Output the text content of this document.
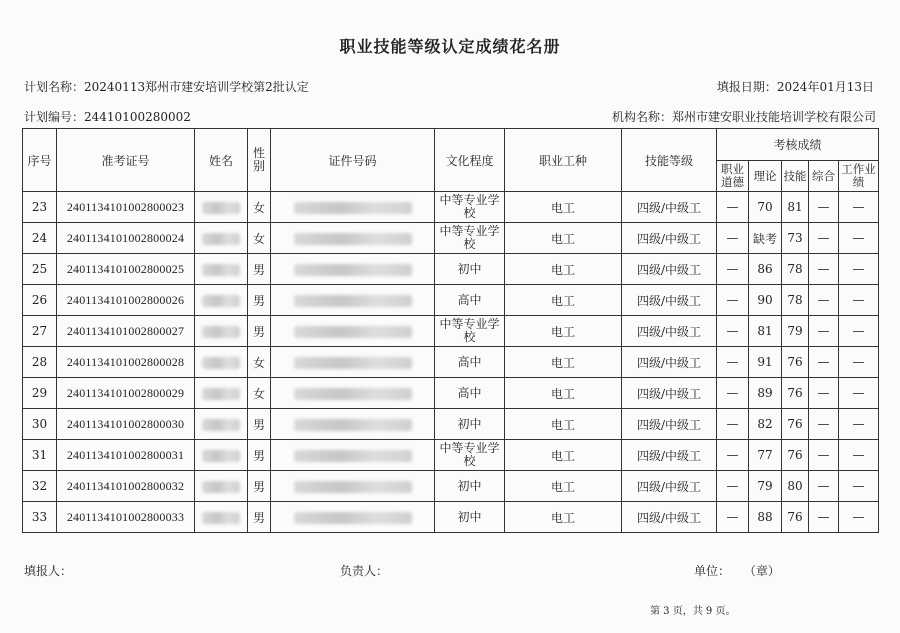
职业技能等级认定成绩花名册
计划名称：20240113郑州市建安培训学校第2批认定	填报日期：2024年01月13日
计划编号：24410100280002	机构名称：郑州市建安职业技能培训学校有限公司
序号	准考证号	姓名	性别	证件号码	文化程度	职业工种	技能等级	考核成绩				
								职业道德	理论	技能	综合	工作业绩
23	240113410100280002З		女		中等专业学校	电工	四级/中级工	—	70	81	—	—
24	2401134101002800024		女		中等专业学校	电工	四级/中级工	—	缺考	73	—	—
25	2401134101002800025		男		初中	电工	四级/中级工	—	86	78	—	—
26	2401134101002800026		男		高中	电工	四级/中级工	—	90	78	—	—
27	2401134101002800027		男		中等专业学校	电工	四级/中级工	—	81	79	—	—
28	2401134101002800028		女		高中	电工	四级/中级工	—	91	76	—	—
29	2401134101002800029		女		高中	电工	四级/中级工	—	89	76	—	—
30	2401134101002800030		男		初中	电工	四级/中级工	—	82	76	—	—
31	2401134101002800031		男		中等专业学校	电工	四级/中级工	—	77	76	—	—
32	2401134101002800032		男		初中	电工	四级/中级工	—	79	80	—	—
33	2401134101002800033		男		初中	电工	四级/中级工	—	88	76	—	—
填报人：	负责人：	单位： （章）
第 3 页，共 9 页。
